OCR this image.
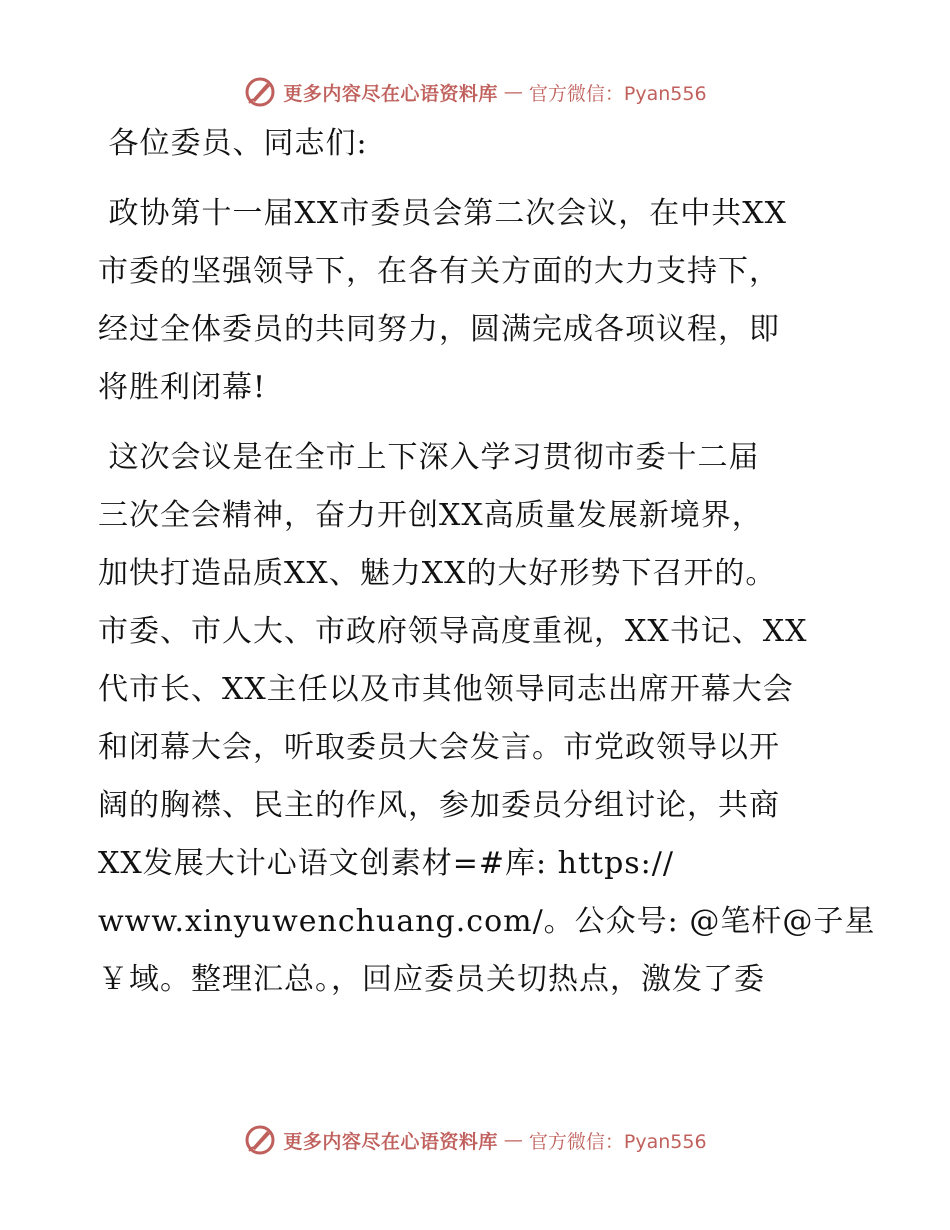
更多内容尽在心语资料库 — 官方微信：Pyan556
各位委员、同志们:
政协第十一届XX市委员会第二次会议，在中共XX
市委的坚强领导下，在各有关方面的大力支持下，
经过全体委员的共同努力，圆满完成各项议程，即
将胜利闭幕!
这次会议是在全市上下深入学习贯彻市委十二届
三次全会精神，奋力开创XX高质量发展新境界，
加快打造品质XX、魅力XX的大好形势下召开的。
市委、市人大、市政府领导高度重视，XX书记、XX
代市长、XX主任以及市其他领导同志出席开幕大会
和闭幕大会，听取委员大会发言。市党政领导以开
阔的胸襟、民主的作风，参加委员分组讨论，共商
XX发展大计心语文创素材=#库: https://
www.xinyuwenchuang.com/。公众号: @笔杆@子星
￥域。整理汇总。，回应委员关切热点，激发了委
更多内容尽在心语资料库 — 官方微信：Pyan556
